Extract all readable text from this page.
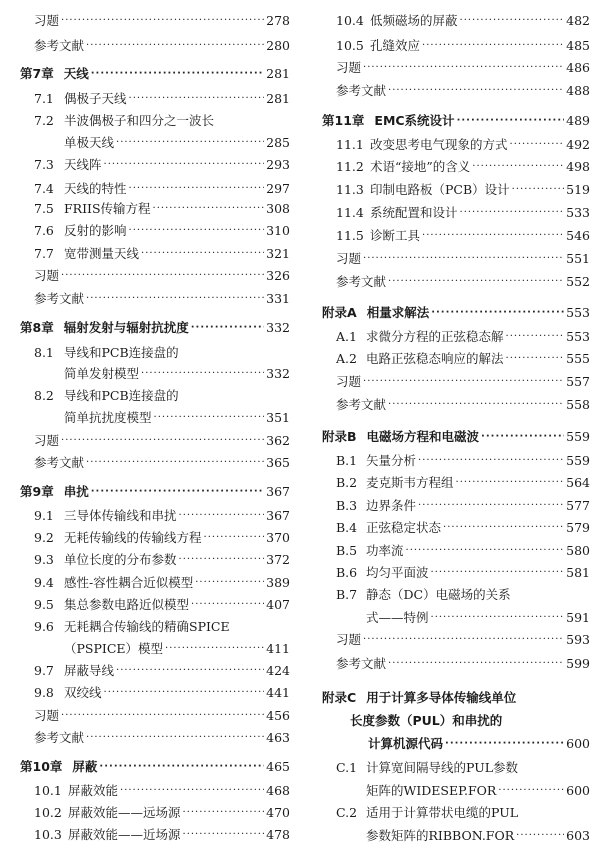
习题 ·····	278
参考文献 ·····	280
第7章 天线 ·····	281
7.1 偶极子天线 ·····	281
7.2 半波偶极子和四分之一波长
单极天线 ·····	285
7.3 天线阵 ·····	293
7.4 天线的特性 ·····	297
7.5 FRIIS传输方程 ·····	308
7.6 反射的影响 ·····	310
7.7 宽带测量天线 ·····	321
习题 ·····	326
参考文献 ·····	331
第8章 辐射发射与辐射抗扰度 ·····	332
8.1 导线和PCB连接盘的
简单发射模型 ·····	332
8.2 导线和PCB连接盘的
简单抗扰度模型 ·····	351
习题 ·····	362
参考文献 ·····	365
第9章 串扰 ·····	367
9.1 三导体传输线和串扰 ·····	367
9.2 无耗传输线的传输线方程 ·····	370
9.3 单位长度的分布参数 ·····	372
9.4 感性-容性耦合近似模型 ·····	389
9.5 集总参数电路近似模型 ·····	407
9.6 无耗耦合传输线的精确SPICE
（PSPICE）模型 ·····	411
9.7 屏蔽导线 ·····	424
9.8 双绞线 ·····	441
习题 ·····	456
参考文献 ·····	463
第10章 屏蔽 ·····	465
10.1 屏蔽效能 ·····	468
10.2 屏蔽效能——远场源 ·····	470
10.3 屏蔽效能——近场源 ·····	478
10.4 低频磁场的屏蔽 ·····	482
10.5 孔缝效应 ·····	485
习题 ·····	486
参考文献 ·····	488
第11章 EMC系统设计 ·····	489
11.1 改变思考电气现象的方式 ·····	492
11.2 术语“接地”的含义 ·····	498
11.3 印制电路板（PCB）设计 ·····	519
11.4 系统配置和设计 ·····	533
11.5 诊断工具 ·····	546
习题 ·····	551
参考文献 ·····	552
附录A 相量求解法 ·····	553
A.1 求微分方程的正弦稳态解 ·····	553
A.2 电路正弦稳态响应的解法 ·····	555
习题 ·····	557
参考文献 ·····	558
附录B 电磁场方程和电磁波 ·····	559
B.1 矢量分析 ·····	559
B.2 麦克斯韦方程组 ·····	564
B.3 边界条件 ·····	577
B.4 正弦稳定状态 ·····	579
B.5 功率流 ·····	580
B.6 均匀平面波 ·····	581
B.7 静态（DC）电磁场的关系
式——特例 ·····	591
习题 ·····	593
参考文献 ·····	599
附录C 用于计算多导体传输线单位
长度参数（PUL）和串扰的
计算机源代码 ·····	600
C.1 计算宽间隔导线的PUL参数
矩阵的WIDESEP.FOR ·····	600
C.2 适用于计算带状电缆的PUL
参数矩阵的RIBBON.FOR ·····	603
